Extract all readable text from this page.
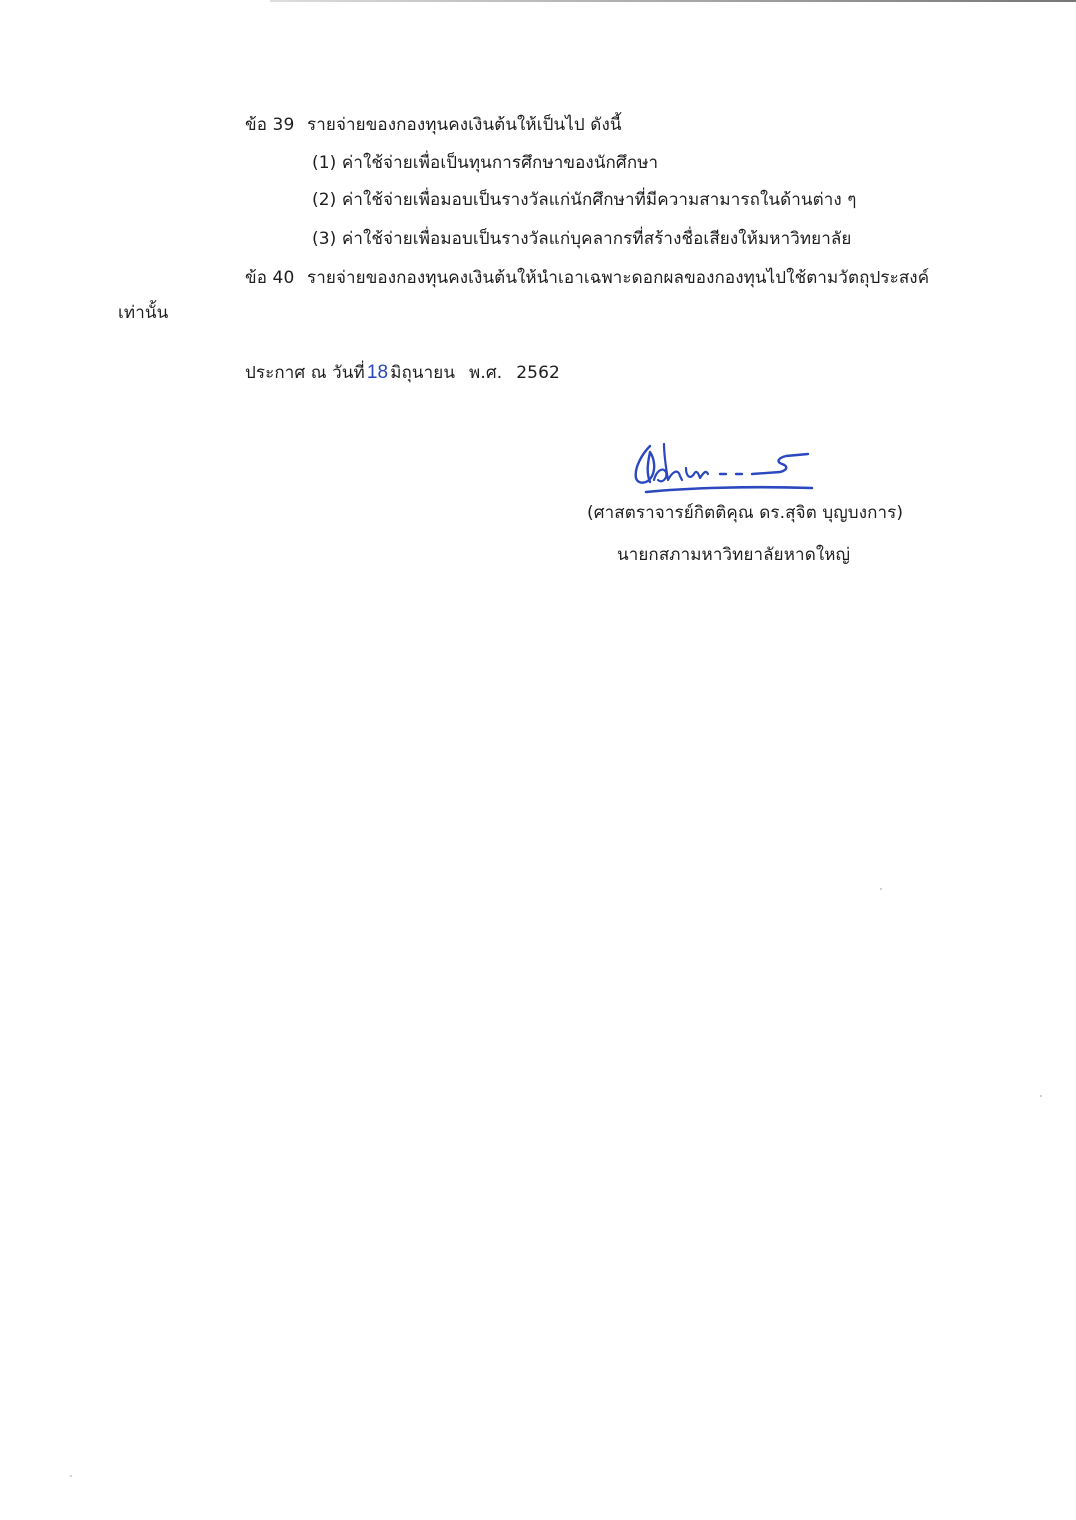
ข้อ 39 รายจ่ายของกองทุนคงเงินต้นให้เป็นไป ดังนี้
(1) ค่าใช้จ่ายเพื่อเป็นทุนการศึกษาของนักศึกษา
(2) ค่าใช้จ่ายเพื่อมอบเป็นรางวัลแก่นักศึกษาที่มีความสามารถในด้านต่าง ๆ
(3) ค่าใช้จ่ายเพื่อมอบเป็นรางวัลแก่บุคลากรที่สร้างชื่อเสียงให้มหาวิทยาลัย
ข้อ 40 รายจ่ายของกองทุนคงเงินต้นให้นำเอาเฉพาะดอกผลของกองทุนไปใช้ตามวัตถุประสงค์
เท่านั้น
ประกาศ ณ วันที่ 18 มิถุนายน พ.ศ. 2562
(ศาสตราจารย์กิตติคุณ ดร.สุจิต บุญบงการ)
นายกสภามหาวิทยาลัยหาดใหญ่
